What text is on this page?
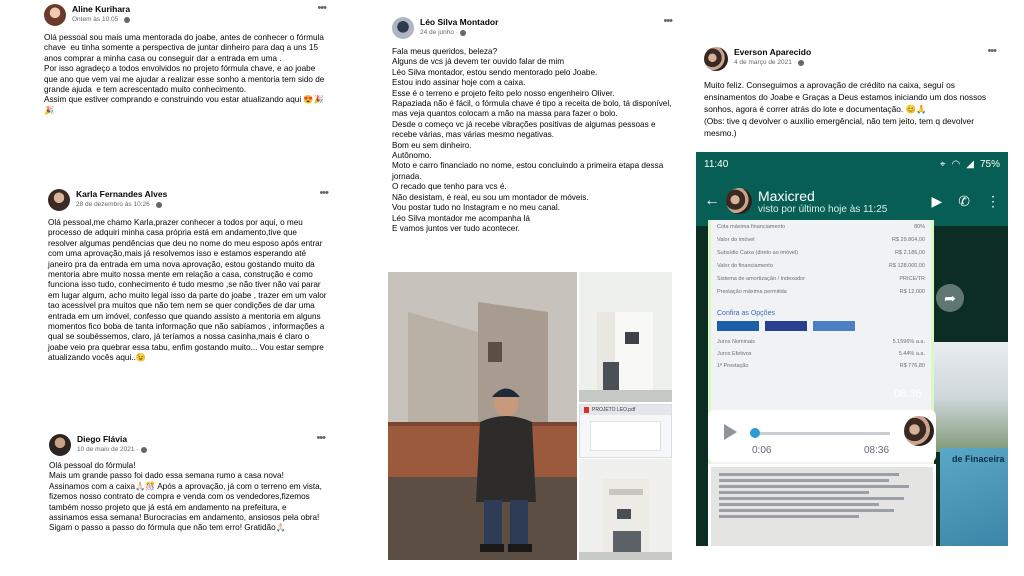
Aline Kurihara
Ontem às 10:05 ·
•••
Olá pessoal sou mais uma mentorada do joabe, antes de conhecer o fórmula chave  eu tinha somente a perspectiva de juntar dinheiro para daq a uns 15 anos comprar a minha casa ou conseguir dar a entrada em uma .
Por isso agradeço a todos envolvidos no projeto fórmula chave, e ao joabe que ano que vem vai me ajudar a realizar esse sonho a mentoria tem sido de grande ajuda  e tem acrescentado muito conhecimento.
Assim que estiver comprando e construindo vou estar atualizando aqui 😍🎉🎉
Karla Fernandes Alves
28 de dezembro às 10:26 ·
•••
Olá pessoal,me chamo Karla,prazer conhecer a todos por aqui, o meu processo de adquiri minha casa própria está em andamento,tive que resolver algumas pendências que deu no nome do meu esposo após entrar com uma aprovação,mais já resolvemos isso e estamos esperando até janeiro pra da entrada em uma nova aprovação, estou gostando muito da mentoria abre muito nossa mente em relação a casa, construção e como funciona isso tudo, conhecimento é tudo mesmo ,se não tiver não vai parar em lugar algum, acho muito legal isso da parte do joabe , trazer em um valor tao acessível pra muitos que não tem nem se quer condições de dar uma entrada em um imóvel, confesso que quando assisto a mentoria em alguns momentos fico boba de tanta informação que não sabíamos , informações a qual se soubéssemos, claro, já teríamos a nossa casinha,mais é claro o joabe veio pra quebrar essa tabu, enfim gostando muito... Vou estar sempre atualizando vocês aqui..😉
Diego Flávia
10 de maio de 2021 ·
•••
Olá pessoal do fórmula!
Mais um grande passo foi dado essa semana rumo a casa nova! Assinamos com a caixa🙏🏻🎊 Após a aprovação, já com o terreno em vista, fizemos nosso contrato de compra e venda com os vendedores,fizemos também nosso projeto que já está em andamento na prefeitura, e assinamos essa semana! Burocracias em andamento, ansiosos pela obra! Sigam o passo a passo do fórmula que não tem erro! Gratidão🙏🏻
Léo Silva Montador
24 de junho ·
•••
Fala meus queridos, beleza?
Alguns de vcs já devem ter ouvido falar de mim
Léo Silva montador, estou sendo mentorado pelo Joabe.
Estou indo assinar hoje com a caixa.
Esse é o terreno e projeto feito pelo nosso engenheiro Oliver.
Rapaziada não é fácil, o fórmula chave é tipo a receita de bolo, tá disponível, mas veja quantos colocam a mão na massa para fazer o bolo.
Desde o começo vc já recebe vibrações positivas de algumas pessoas e recebe várias, mas várias mesmo negativas.
Bom eu sem dinheiro.
Autônomo.
Moto e carro financiado no nome, estou concluindo a primeira etapa dessa jornada.
O recado que tenho para vcs é.
Não desistam, é real, eu sou um montador de móveis.
Vou postar tudo no Instagram e no meu canal.
Léo Silva montador me acompanha lá
E vamos juntos ver tudo acontecer.
PROJETO LEO.pdf
Everson Aparecido
4 de março de 2021 ·
•••
Muito feliz. Conseguimos a aprovação de crédito na caixa, seguí os ensinamentos do Joabe e Graças a Deus estamos iniciando um dos nossos sonhos, agora é correr atrás do lote e documentação. 😊🙏
(Obs: tive q devolver o auxilio emergêncial, não tem jeito, tem q devolver mesmo.)
11:40	⌖ ◠ ◢ 75%
←	Maxicred
visto por último hoje às 11:25
▶ ✆ ⋮
Cota máxima financiamento	80%
Valor do imóvel	R$ 29.804,00
Subsídio Caixa (direto ao imóvel)	R$ 2.186,00
Valor do financiamento	R$ 128.000,00
Sistema de amortização / Indexador	PRICE/TR
Prestação máxima permitida	R$ 12.000
Confira as Opções
Juros Nominais	5.1596% a.a.
Juros Efetivos	5.44% a.a.
1ª Prestação	R$ 776,80
08:36
➦
0:06	08:36
de Finaceira
